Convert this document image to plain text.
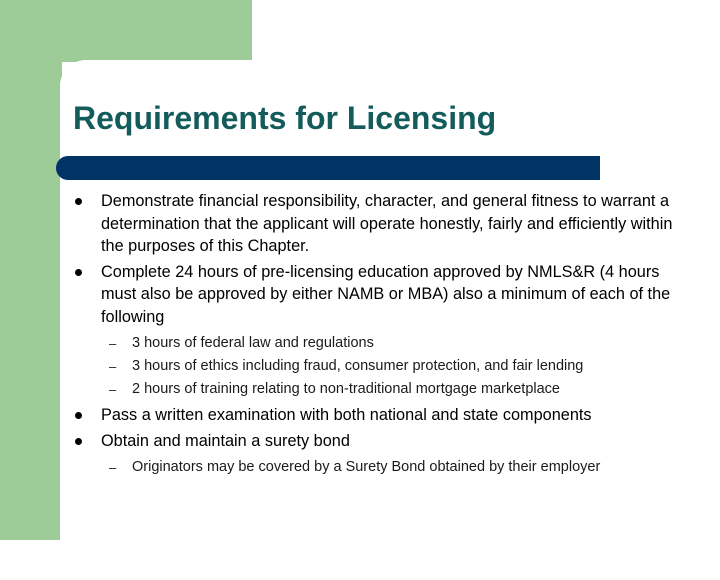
Requirements for Licensing
Demonstrate financial responsibility, character, and general fitness to warrant a determination that the applicant will operate honestly, fairly and efficiently within the purposes of this Chapter.
Complete 24 hours of pre-licensing education approved by NMLS&R (4 hours must also be approved by either NAMB or MBA) also a minimum of each of the following
– 3 hours of federal law and regulations
– 3 hours of ethics including fraud, consumer protection, and fair lending
– 2 hours of training relating to non-traditional mortgage marketplace
Pass a written examination with both national and state components
Obtain and maintain a surety bond
– Originators may be covered by a Surety Bond obtained by their employer
